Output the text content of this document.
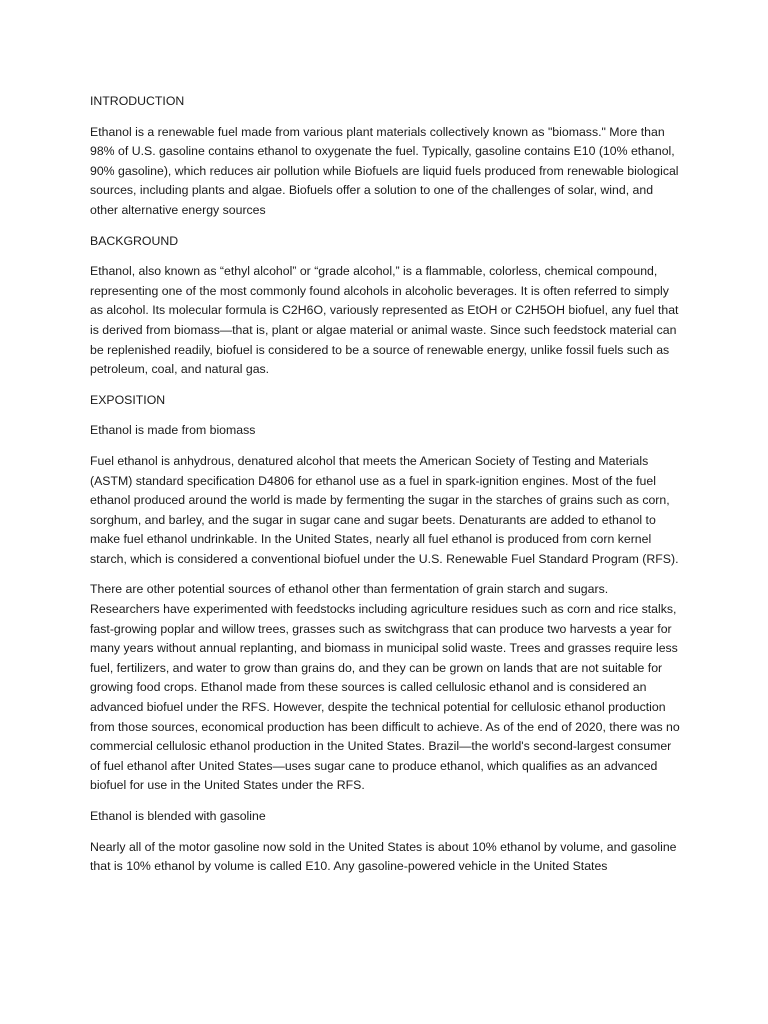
INTRODUCTION

Ethanol is a renewable fuel made from various plant materials collectively known as "biomass." More than 98% of U.S. gasoline contains ethanol to oxygenate the fuel. Typically, gasoline contains E10 (10% ethanol, 90% gasoline), which reduces air pollution while Biofuels are liquid fuels produced from renewable biological sources, including plants and algae. Biofuels offer a solution to one of the challenges of solar, wind, and other alternative energy sources

BACKGROUND

Ethanol, also known as “ethyl alcohol” or “grade alcohol,” is a flammable, colorless, chemical compound, representing one of the most commonly found alcohols in alcoholic beverages. It is often referred to simply as alcohol. Its molecular formula is C2H6O, variously represented as EtOH or C2H5OH biofuel, any fuel that is derived from biomass—that is, plant or algae material or animal waste. Since such feedstock material can be replenished readily, biofuel is considered to be a source of renewable energy, unlike fossil fuels such as petroleum, coal, and natural gas.

EXPOSITION

Ethanol is made from biomass

Fuel ethanol is anhydrous, denatured alcohol that meets the American Society of Testing and Materials (ASTM) standard specification D4806 for ethanol use as a fuel in spark-ignition engines. Most of the fuel ethanol produced around the world is made by fermenting the sugar in the starches of grains such as corn, sorghum, and barley, and the sugar in sugar cane and sugar beets. Denaturants are added to ethanol to make fuel ethanol undrinkable. In the United States, nearly all fuel ethanol is produced from corn kernel starch, which is considered a conventional biofuel under the U.S. Renewable Fuel Standard Program (RFS).

There are other potential sources of ethanol other than fermentation of grain starch and sugars. Researchers have experimented with feedstocks including agriculture residues such as corn and rice stalks, fast-growing poplar and willow trees, grasses such as switchgrass that can produce two harvests a year for many years without annual replanting, and biomass in municipal solid waste. Trees and grasses require less fuel, fertilizers, and water to grow than grains do, and they can be grown on lands that are not suitable for growing food crops. Ethanol made from these sources is called cellulosic ethanol and is considered an advanced biofuel under the RFS. However, despite the technical potential for cellulosic ethanol production from those sources, economical production has been difficult to achieve. As of the end of 2020, there was no commercial cellulosic ethanol production in the United States. Brazil—the world's second-largest consumer of fuel ethanol after United States—uses sugar cane to produce ethanol, which qualifies as an advanced biofuel for use in the United States under the RFS.

Ethanol is blended with gasoline

Nearly all of the motor gasoline now sold in the United States is about 10% ethanol by volume, and gasoline that is 10% ethanol by volume is called E10. Any gasoline-powered vehicle in the United States
